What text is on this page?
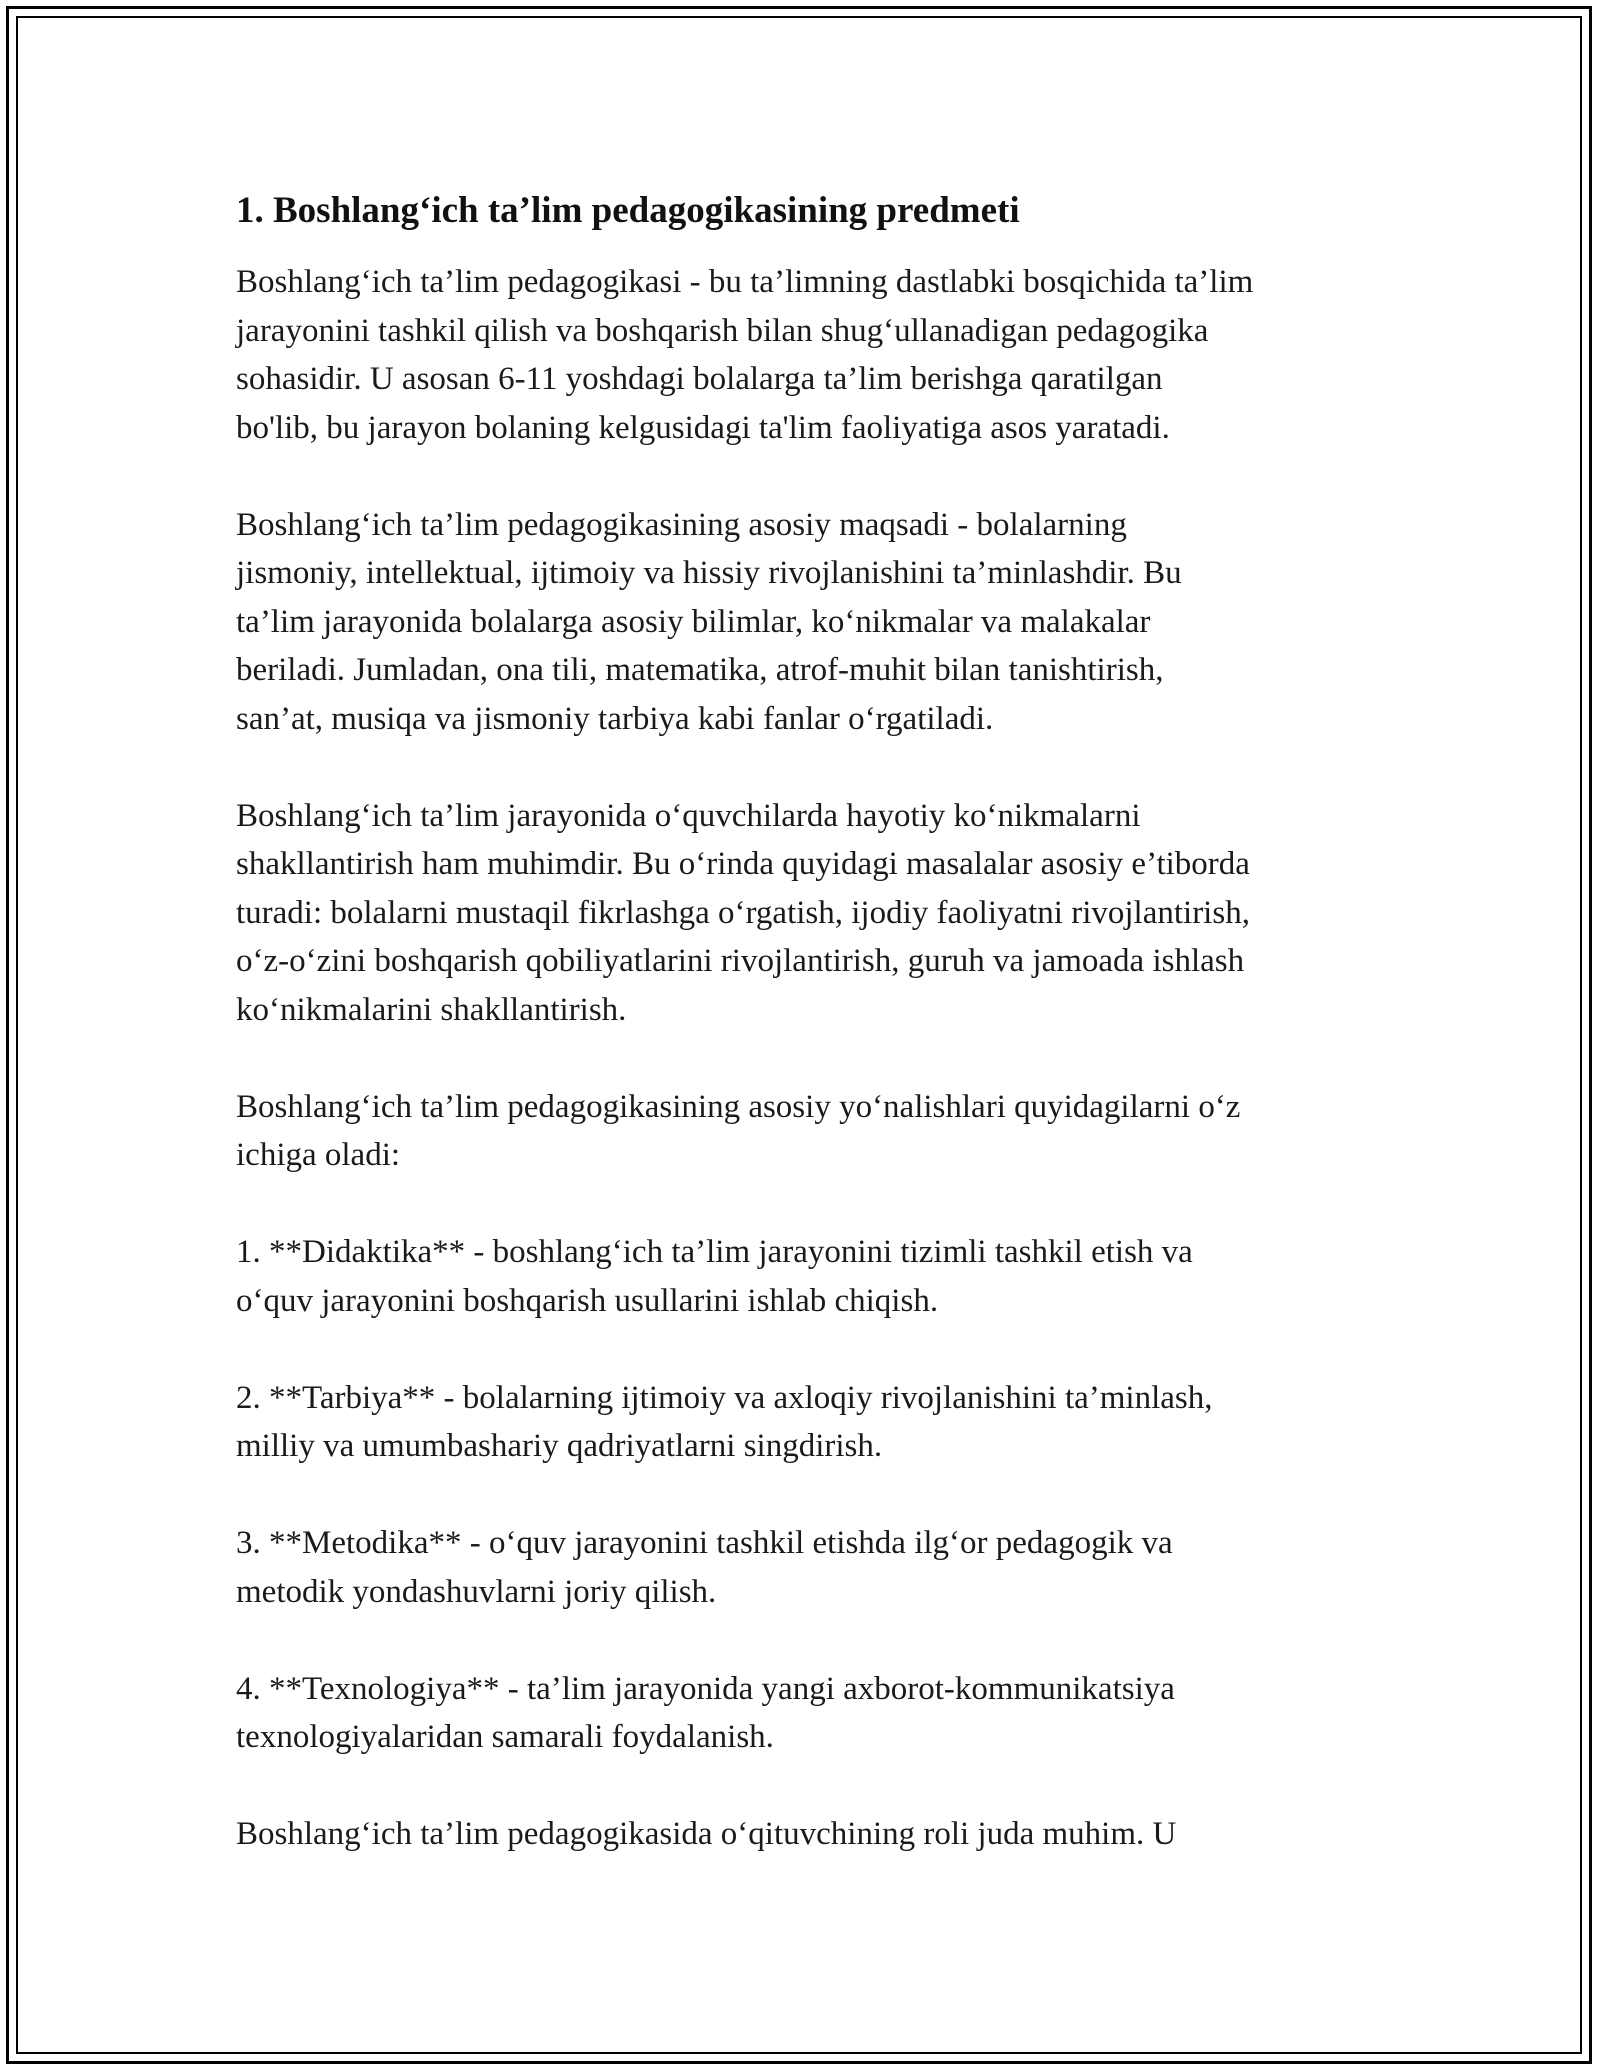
1. Boshlang‘ich ta’lim pedagogikasining predmeti

Boshlang‘ich ta’lim pedagogikasi - bu ta’limning dastlabki bosqichida ta’lim
jarayonini tashkil qilish va boshqarish bilan shug‘ullanadigan pedagogika
sohasidir. U asosan 6-11 yoshdagi bolalarga ta’lim berishga qaratilgan
bo'lib, bu jarayon bolaning kelgusidagi ta'lim faoliyatiga asos yaratadi.

Boshlang‘ich ta’lim pedagogikasining asosiy maqsadi - bolalarning
jismoniy, intellektual, ijtimoiy va hissiy rivojlanishini ta’minlashdir. Bu
ta’lim jarayonida bolalarga asosiy bilimlar, ko‘nikmalar va malakalar
beriladi. Jumladan, ona tili, matematika, atrof-muhit bilan tanishtirish,
san’at, musiqa va jismoniy tarbiya kabi fanlar o‘rgatiladi.

Boshlang‘ich ta’lim jarayonida o‘quvchilarda hayotiy ko‘nikmalarni
shakllantirish ham muhimdir. Bu o‘rinda quyidagi masalalar asosiy e’tiborda
turadi: bolalarni mustaqil fikrlashga o‘rgatish, ijodiy faoliyatni rivojlantirish,
o‘z-o‘zini boshqarish qobiliyatlarini rivojlantirish, guruh va jamoada ishlash
ko‘nikmalarini shakllantirish.

Boshlang‘ich ta’lim pedagogikasining asosiy yo‘nalishlari quyidagilarni o‘z
ichiga oladi:

1. **Didaktika** - boshlang‘ich ta’lim jarayonini tizimli tashkil etish va
o‘quv jarayonini boshqarish usullarini ishlab chiqish.

2. **Tarbiya** - bolalarning ijtimoiy va axloqiy rivojlanishini ta’minlash,
milliy va umumbashariy qadriyatlarni singdirish.

3. **Metodika** - o‘quv jarayonini tashkil etishda ilg‘or pedagogik va
metodik yondashuvlarni joriy qilish.

4. **Texnologiya** - ta’lim jarayonida yangi axborot-kommunikatsiya
texnologiyalaridan samarali foydalanish.

Boshlang‘ich ta’lim pedagogikasida o‘qituvchining roli juda muhim. U
